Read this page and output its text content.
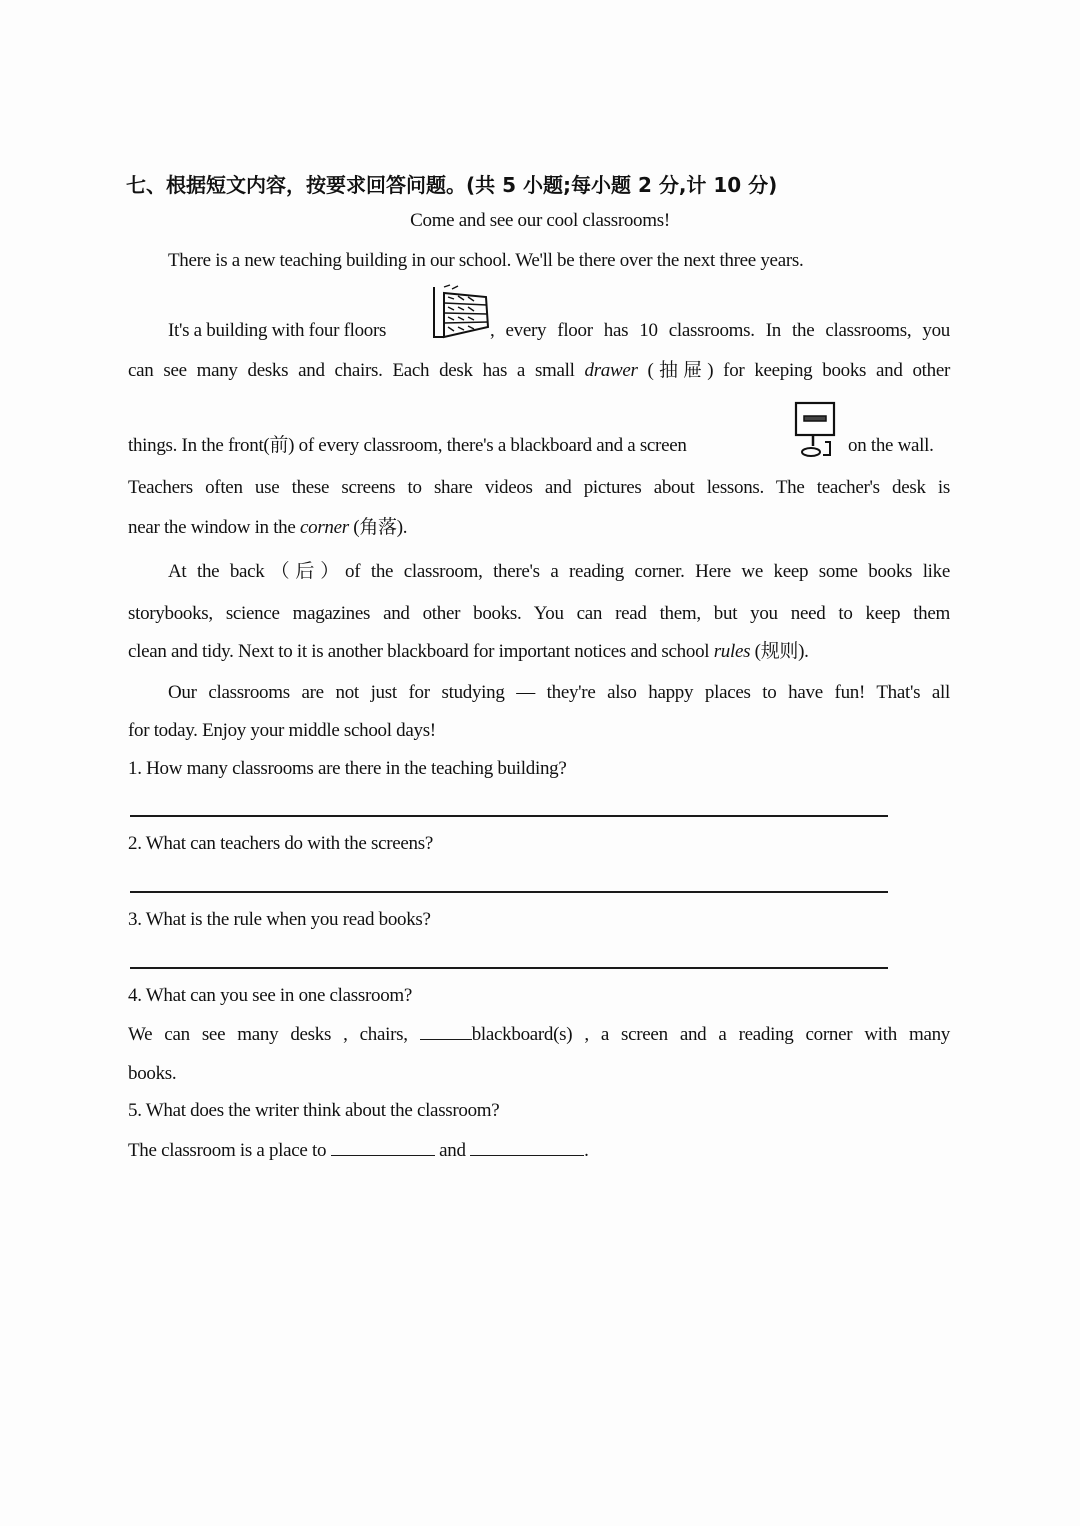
七、根据短文内容，按要求回答问题。(共 5 小题;每小题 2 分,计 10 分)
Come and see our cool classrooms!
There is a new teaching building in our school. We'll be there over the next three years.
It's a building with four floors	, every floor has 10 classrooms. In the classrooms, you
can see many desks and chairs. Each desk has a small drawer (抽屉) for keeping books and other
things. In the front(前) of every classroom, there's a blackboard and a screen	on the wall.
Teachers often use these screens to share videos and pictures about lessons. The teacher's desk is
near the window in the corner (角落).
At the back（后）of the classroom, there's a reading corner. Here we keep some books like
storybooks, science magazines and other books. You can read them, but you need to keep them
clean and tidy. Next to it is another blackboard for important notices and school rules (规则).
Our classrooms are not just for studying — they're also happy places to have fun! That's all
for today. Enjoy your middle school days!
1. How many classrooms are there in the teaching building?
2. What can teachers do with the screens?
3. What is the rule when you read books?
4. What can you see in one classroom?
We can see many desks , chairs,	blackboard(s) , a screen and a reading corner with many
books.
5. What does the writer think about the classroom?
The classroom is a place to	and	.
